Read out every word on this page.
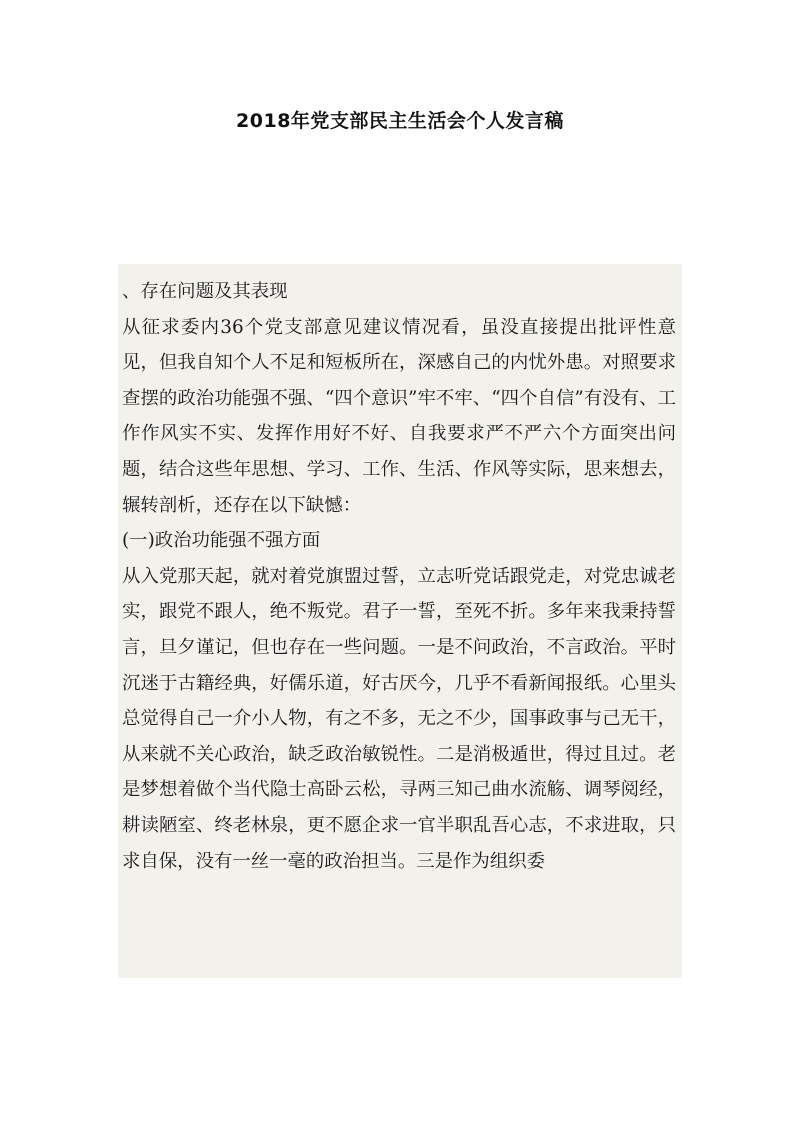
2018年党支部民主生活会个人发言稿

、存在问题及其表现

从征求委内36个党支部意见建议情况看，虽没直接提出批评性意见，但我自知个人不足和短板所在，深感自己的内忧外患。对照要求查摆的政治功能强不强、“四个意识”牢不牢、“四个自信”有没有、工作作风实不实、发挥作用好不好、自我要求严不严六个方面突出问题，结合这些年思想、学习、工作、生活、作风等实际，思来想去，辗转剖析，还存在以下缺憾：

(一)政治功能强不强方面

从入党那天起，就对着党旗盟过誓，立志听党话跟党走，对党忠诚老实，跟党不跟人，绝不叛党。君子一誓，至死不折。多年来我秉持誓言，旦夕谨记，但也存在一些问题。一是不问政治，不言政治。平时沉迷于古籍经典，好儒乐道，好古厌今，几乎不看新闻报纸。心里头总觉得自己一介小人物，有之不多，无之不少，国事政事与己无干，从来就不关心政治，缺乏政治敏锐性。二是消极遁世，得过且过。老是梦想着做个当代隐士高卧云松，寻两三知己曲水流觞、调琴阅经，耕读陋室、终老林泉，更不愿企求一官半职乱吾心志，不求进取，只求自保，没有一丝一毫的政治担当。三是作为组织委
